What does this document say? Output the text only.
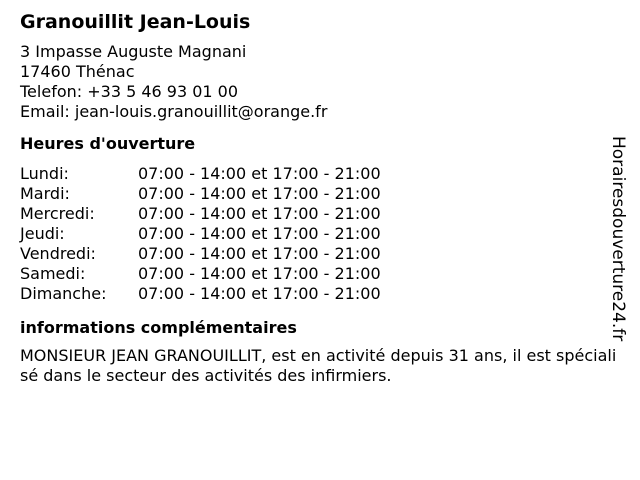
Granouillit Jean-Louis
3 Impasse Auguste Magnani
17460 Thénac
Telefon: +33 5 46 93 01 00
Email: jean-louis.granouillit@orange.fr
Heures d'ouverture
Lundi:	07:00 - 14:00 et 17:00 - 21:00
Mardi:	07:00 - 14:00 et 17:00 - 21:00
Mercredi:	07:00 - 14:00 et 17:00 - 21:00
Jeudi:	07:00 - 14:00 et 17:00 - 21:00
Vendredi:	07:00 - 14:00 et 17:00 - 21:00
Samedi:	07:00 - 14:00 et 17:00 - 21:00
Dimanche:	07:00 - 14:00 et 17:00 - 21:00
informations complémentaires
MONSIEUR JEAN GRANOUILLIT, est en activité depuis 31 ans, il est spécialisé dans le secteur des activités des infirmiers.
Horairesdouverture24.fr
